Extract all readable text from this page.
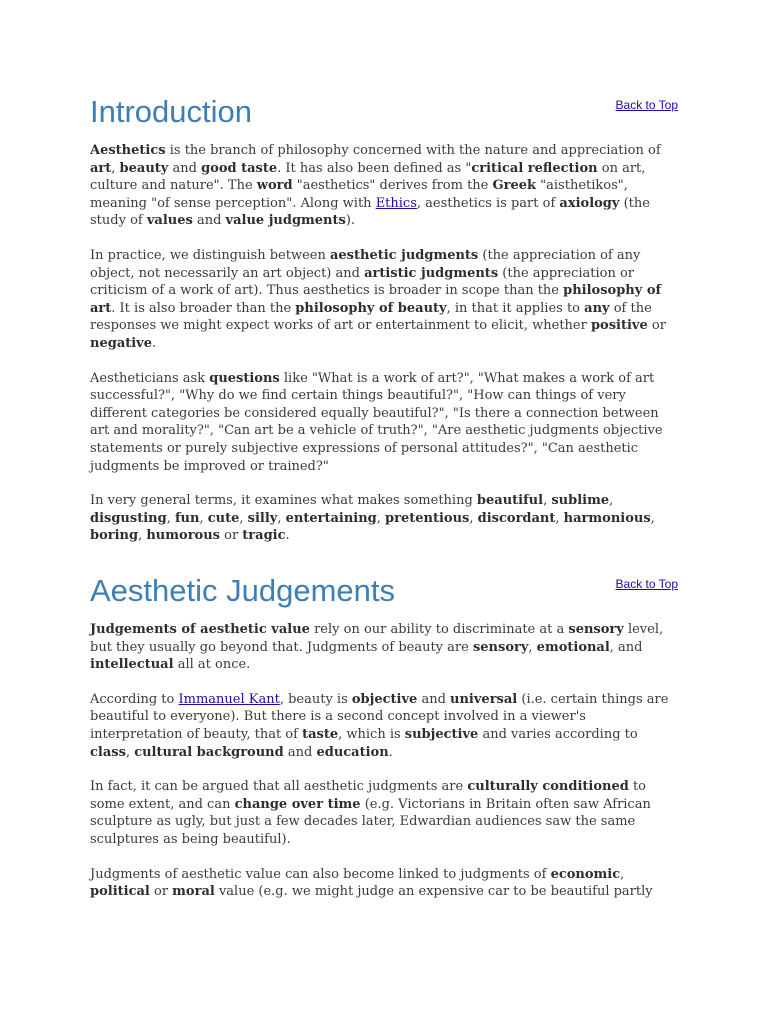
Introduction	Back to Top

Aesthetics is the branch of philosophy concerned with the nature and appreciation of art, beauty and good taste. It has also been defined as "critical reflection on art, culture and nature". The word "aesthetics" derives from the Greek "aisthetikos", meaning "of sense perception". Along with Ethics, aesthetics is part of axiology (the study of values and value judgments).

In practice, we distinguish between aesthetic judgments (the appreciation of any object, not necessarily an art object) and artistic judgments (the appreciation or criticism of a work of art). Thus aesthetics is broader in scope than the philosophy of art. It is also broader than the philosophy of beauty, in that it applies to any of the responses we might expect works of art or entertainment to elicit, whether positive or negative.

Aestheticians ask questions like "What is a work of art?", "What makes a work of art successful?", "Why do we find certain things beautiful?", "How can things of very different categories be considered equally beautiful?", "Is there a connection between art and morality?", "Can art be a vehicle of truth?", "Are aesthetic judgments objective statements or purely subjective expressions of personal attitudes?", "Can aesthetic judgments be improved or trained?"

In very general terms, it examines what makes something beautiful, sublime, disgusting, fun, cute, silly, entertaining, pretentious, discordant, harmonious, boring, humorous or tragic.

Aesthetic Judgements	Back to Top

Judgements of aesthetic value rely on our ability to discriminate at a sensory level, but they usually go beyond that. Judgments of beauty are sensory, emotional, and intellectual all at once.

According to Immanuel Kant, beauty is objective and universal (i.e. certain things are beautiful to everyone). But there is a second concept involved in a viewer's interpretation of beauty, that of taste, which is subjective and varies according to class, cultural background and education.

In fact, it can be argued that all aesthetic judgments are culturally conditioned to some extent, and can change over time (e.g. Victorians in Britain often saw African sculpture as ugly, but just a few decades later, Edwardian audiences saw the same sculptures as being beautiful).

Judgments of aesthetic value can also become linked to judgments of economic, political or moral value (e.g. we might judge an expensive car to be beautiful partly
